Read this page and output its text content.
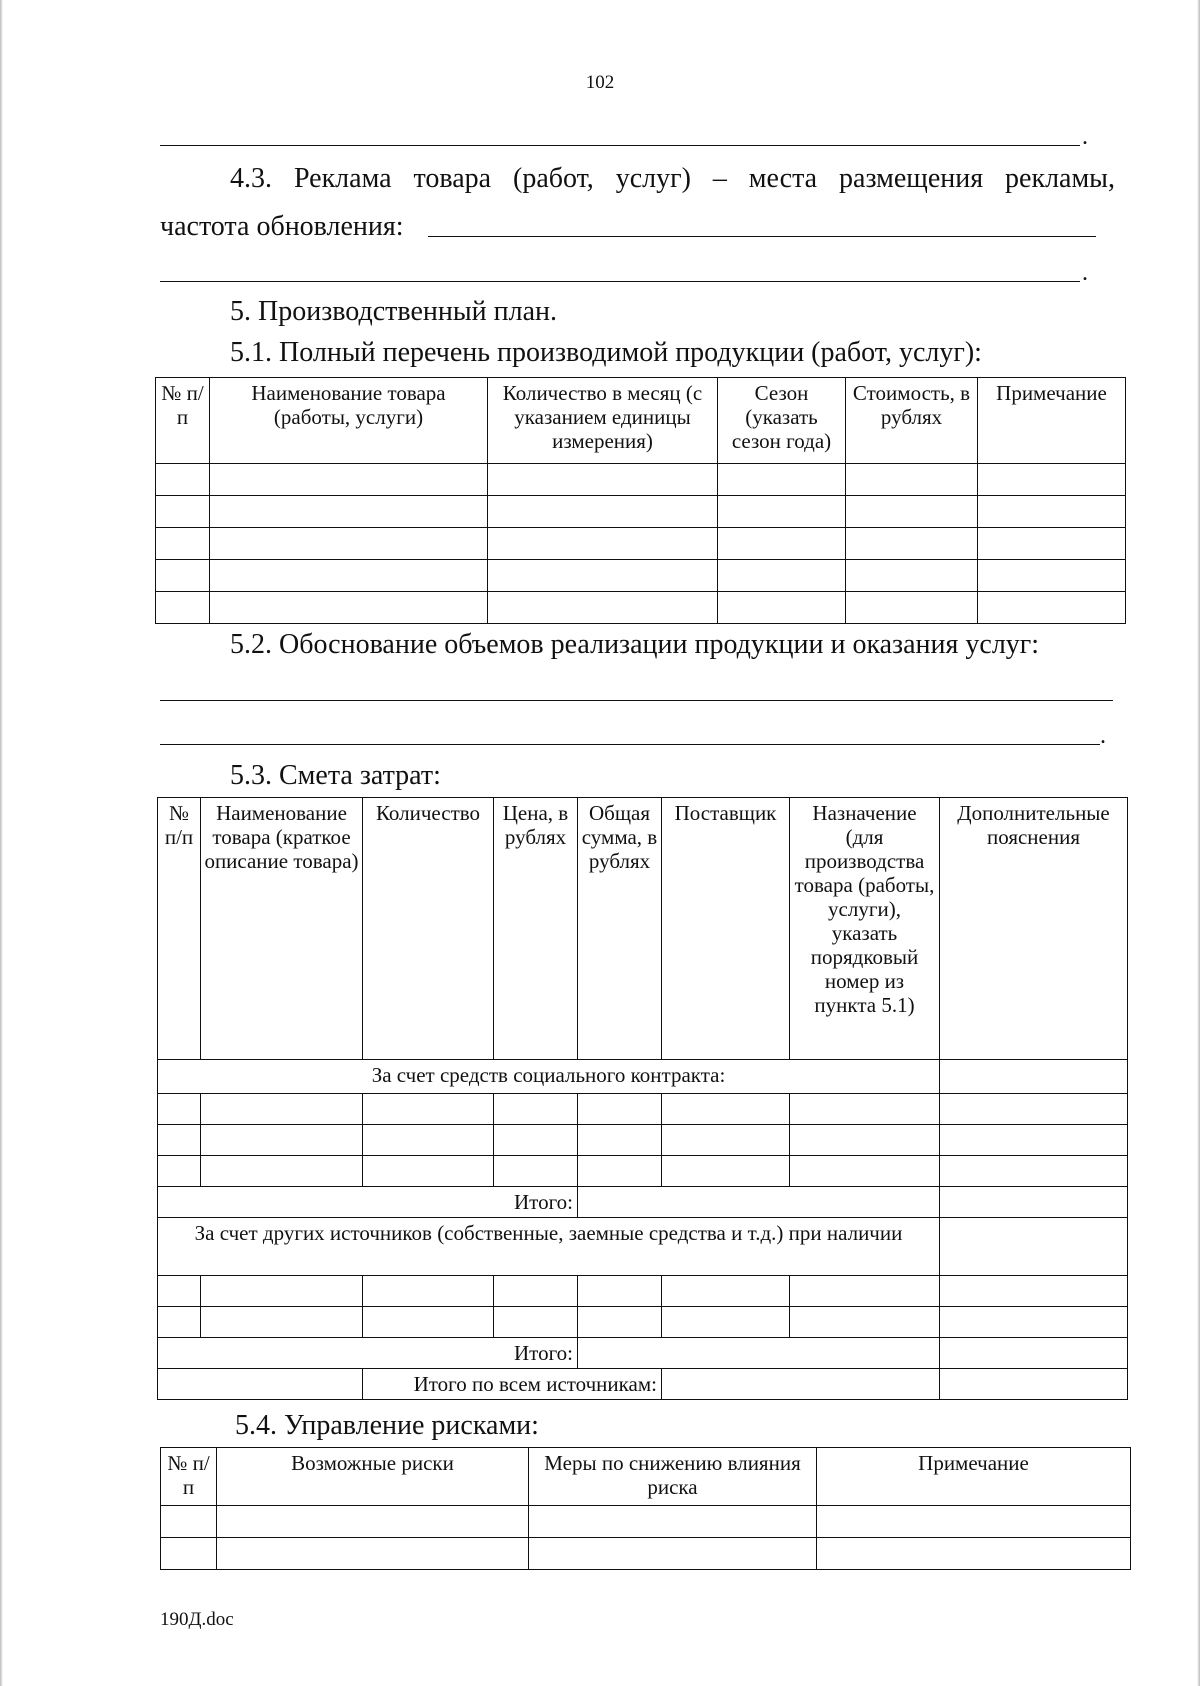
102
.
4.3. Реклама товара (работ, услуг) – места размещения рекламы,
частота обновления:
.
5. Производственный план.
5.1. Полный перечень производимой продукции (работ, услуг):
№ п/п	Наименование товара (работы, услуги)	Количество в месяц (с указанием единицы измерения)	Сезон (указать сезон года)	Стоимость, в рублях	Примечание

5.2. Обоснование объемов реализации продукции и оказания услуг:
.
5.3. Смета затрат:
№ п/п	Наименование товара (краткое описание товара)	Количество	Цена, в рублях	Общая сумма, в рублях	Поставщик	Назначение (для производства товара (работы, услуги), указать порядковый номер из пункта 5.1)	Дополнительные пояснения
За счет средств социального контракта:							

Итого:							
За счет других источников (собственные, заемные средства и т.д.) при наличии							

Итого:							
		Итого по всем источникам:					
5.4. Управление рисками:
№ п/п	Возможные риски	Меры по снижению влияния риска	Примечание

190Д.doc
